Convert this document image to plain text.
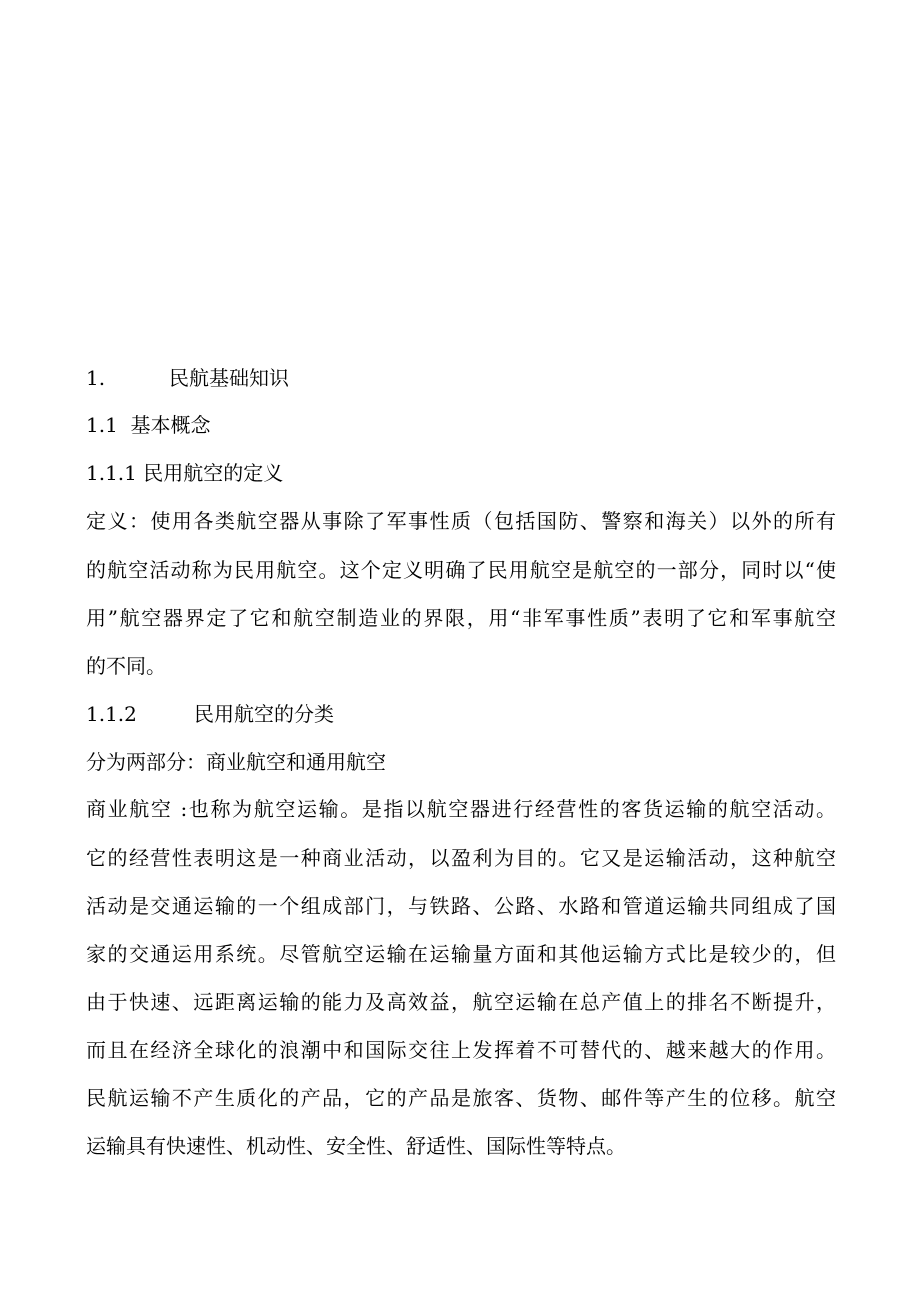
1.	民航基础知识
1.1 基本概念
1.1.1 民用航空的定义
定义：使用各类航空器从事除了军事性质（包括国防、警察和海关）以外的所有
的航空活动称为民用航空。这个定义明确了民用航空是航空的一部分，同时以“使
用”航空器界定了它和航空制造业的界限，用“非军事性质”表明了它和军事航空
的不同。
1.1.2	民用航空的分类
分为两部分：商业航空和通用航空
商业航空 :也称为航空运输。是指以航空器进行经营性的客货运输的航空活动。
它的经营性表明这是一种商业活动，以盈利为目的。它又是运输活动，这种航空
活动是交通运输的一个组成部门，与铁路、公路、水路和管道运输共同组成了国
家的交通运用系统。尽管航空运输在运输量方面和其他运输方式比是较少的，但
由于快速、远距离运输的能力及高效益，航空运输在总产值上的排名不断提升，
而且在经济全球化的浪潮中和国际交往上发挥着不可替代的、越来越大的作用。
民航运输不产生质化的产品，它的产品是旅客、货物、邮件等产生的位移。航空
运输具有快速性、机动性、安全性、舒适性、国际性等特点。
